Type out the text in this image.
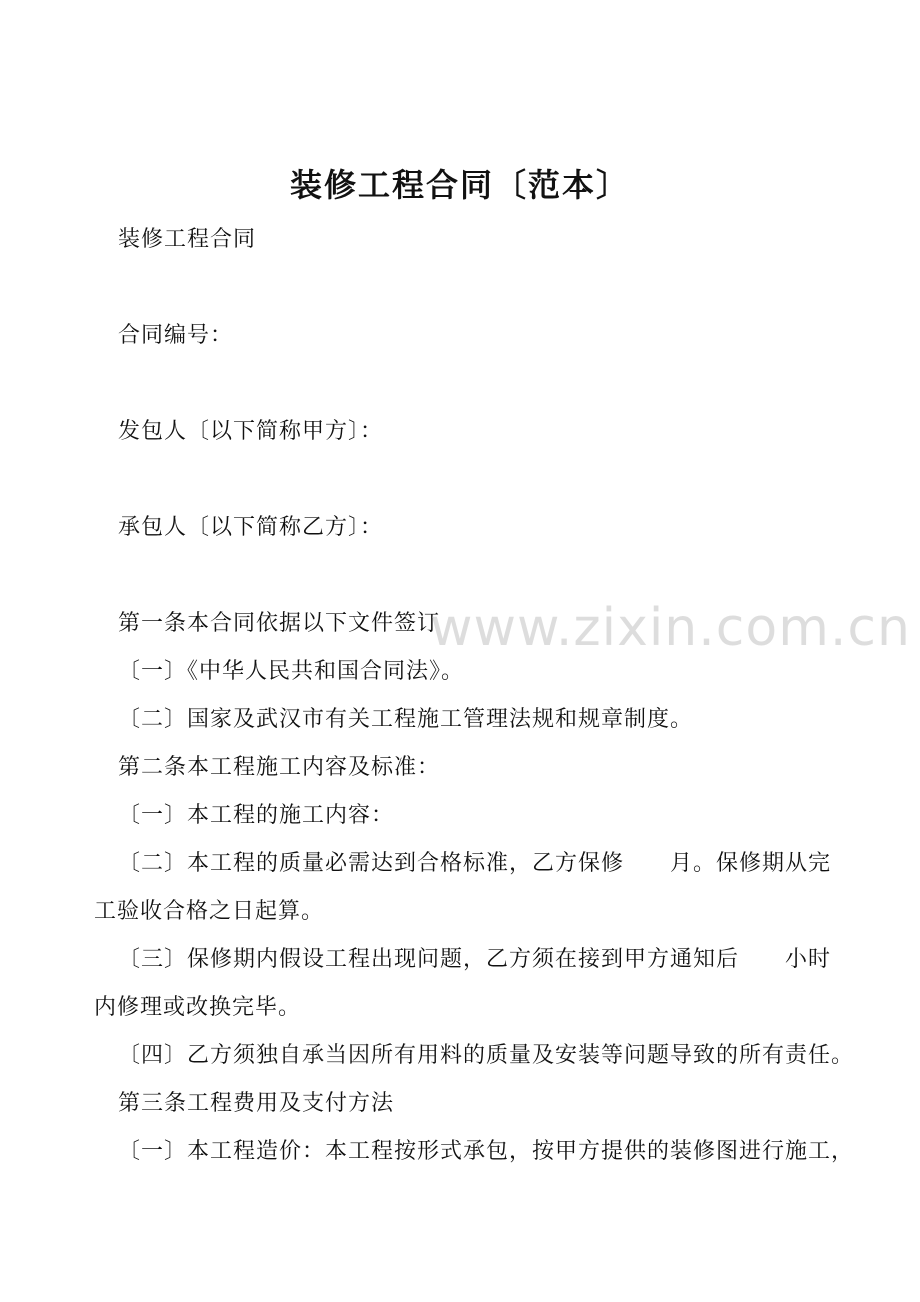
装修工程合同〔范本〕
装修工程合同
合同编号：
发包人〔以下简称甲方〕：
承包人〔以下简称乙方〕：
第一条本合同依据以下文件签订
〔一〕《中华人民共和国合同法》。
〔二〕国家及武汉市有关工程施工管理法规和规章制度。
第二条本工程施工内容及标准：
〔一〕本工程的施工内容：
〔二〕本工程的质量必需达到合格标准，乙方保修　　月。保修期从完
工验收合格之日起算。
〔三〕保修期内假设工程出现问题，乙方须在接到甲方通知后　　小时
内修理或改换完毕。
〔四〕乙方须独自承当因所有用料的质量及安装等问题导致的所有责任。
第三条工程费用及支付方法
〔一〕本工程造价：本工程按形式承包，按甲方提供的装修图进行施工，
www.zixin.com.cn
